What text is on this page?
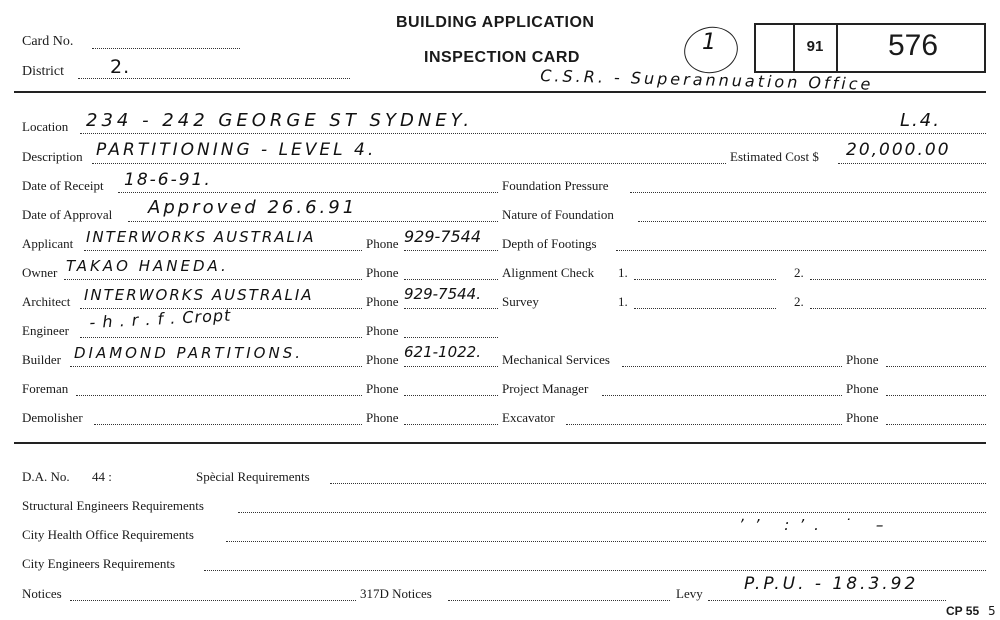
Card No.
District 2.
BUILDING APPLICATION
INSPECTION CARD
1	91	576
C.S.R. - Superannuation Office
Location 234 - 242 GEORGE ST SYDNEY.	L.4.
Description PARTITIONING - LEVEL 4.	Estimated Cost $ 20,000.00
Date of Receipt 18-6-91.	Foundation Pressure
Date of Approval Approved 26.6.91	Nature of Foundation
Applicant INTERWORKS AUSTRALIA	Phone 929-7544 Depth of Footings
Owner TAKAO HANEDA.	Phone	Alignment Check 1.	2.
Architect INTERWORKS AUSTRALIA	Phone 929-7544. Survey	1.	2.
Engineer - h . r . f . Cropt	Phone
Builder DIAMOND PARTITIONS.	Phone 621-1022. Mechanical Services	Phone
Foreman	Phone	Project Manager	Phone
Demolisher	Phone	Excavator	Phone
D.A. No. 44 :	Spècial Requirements
Structural Engineers Requirements
City Health Office Requirements
ʼ’ :’. ˙ –
City Engineers Requirements
Notices	317D Notices	Levy P.P.U. - 18.3.92
CP 55 5
